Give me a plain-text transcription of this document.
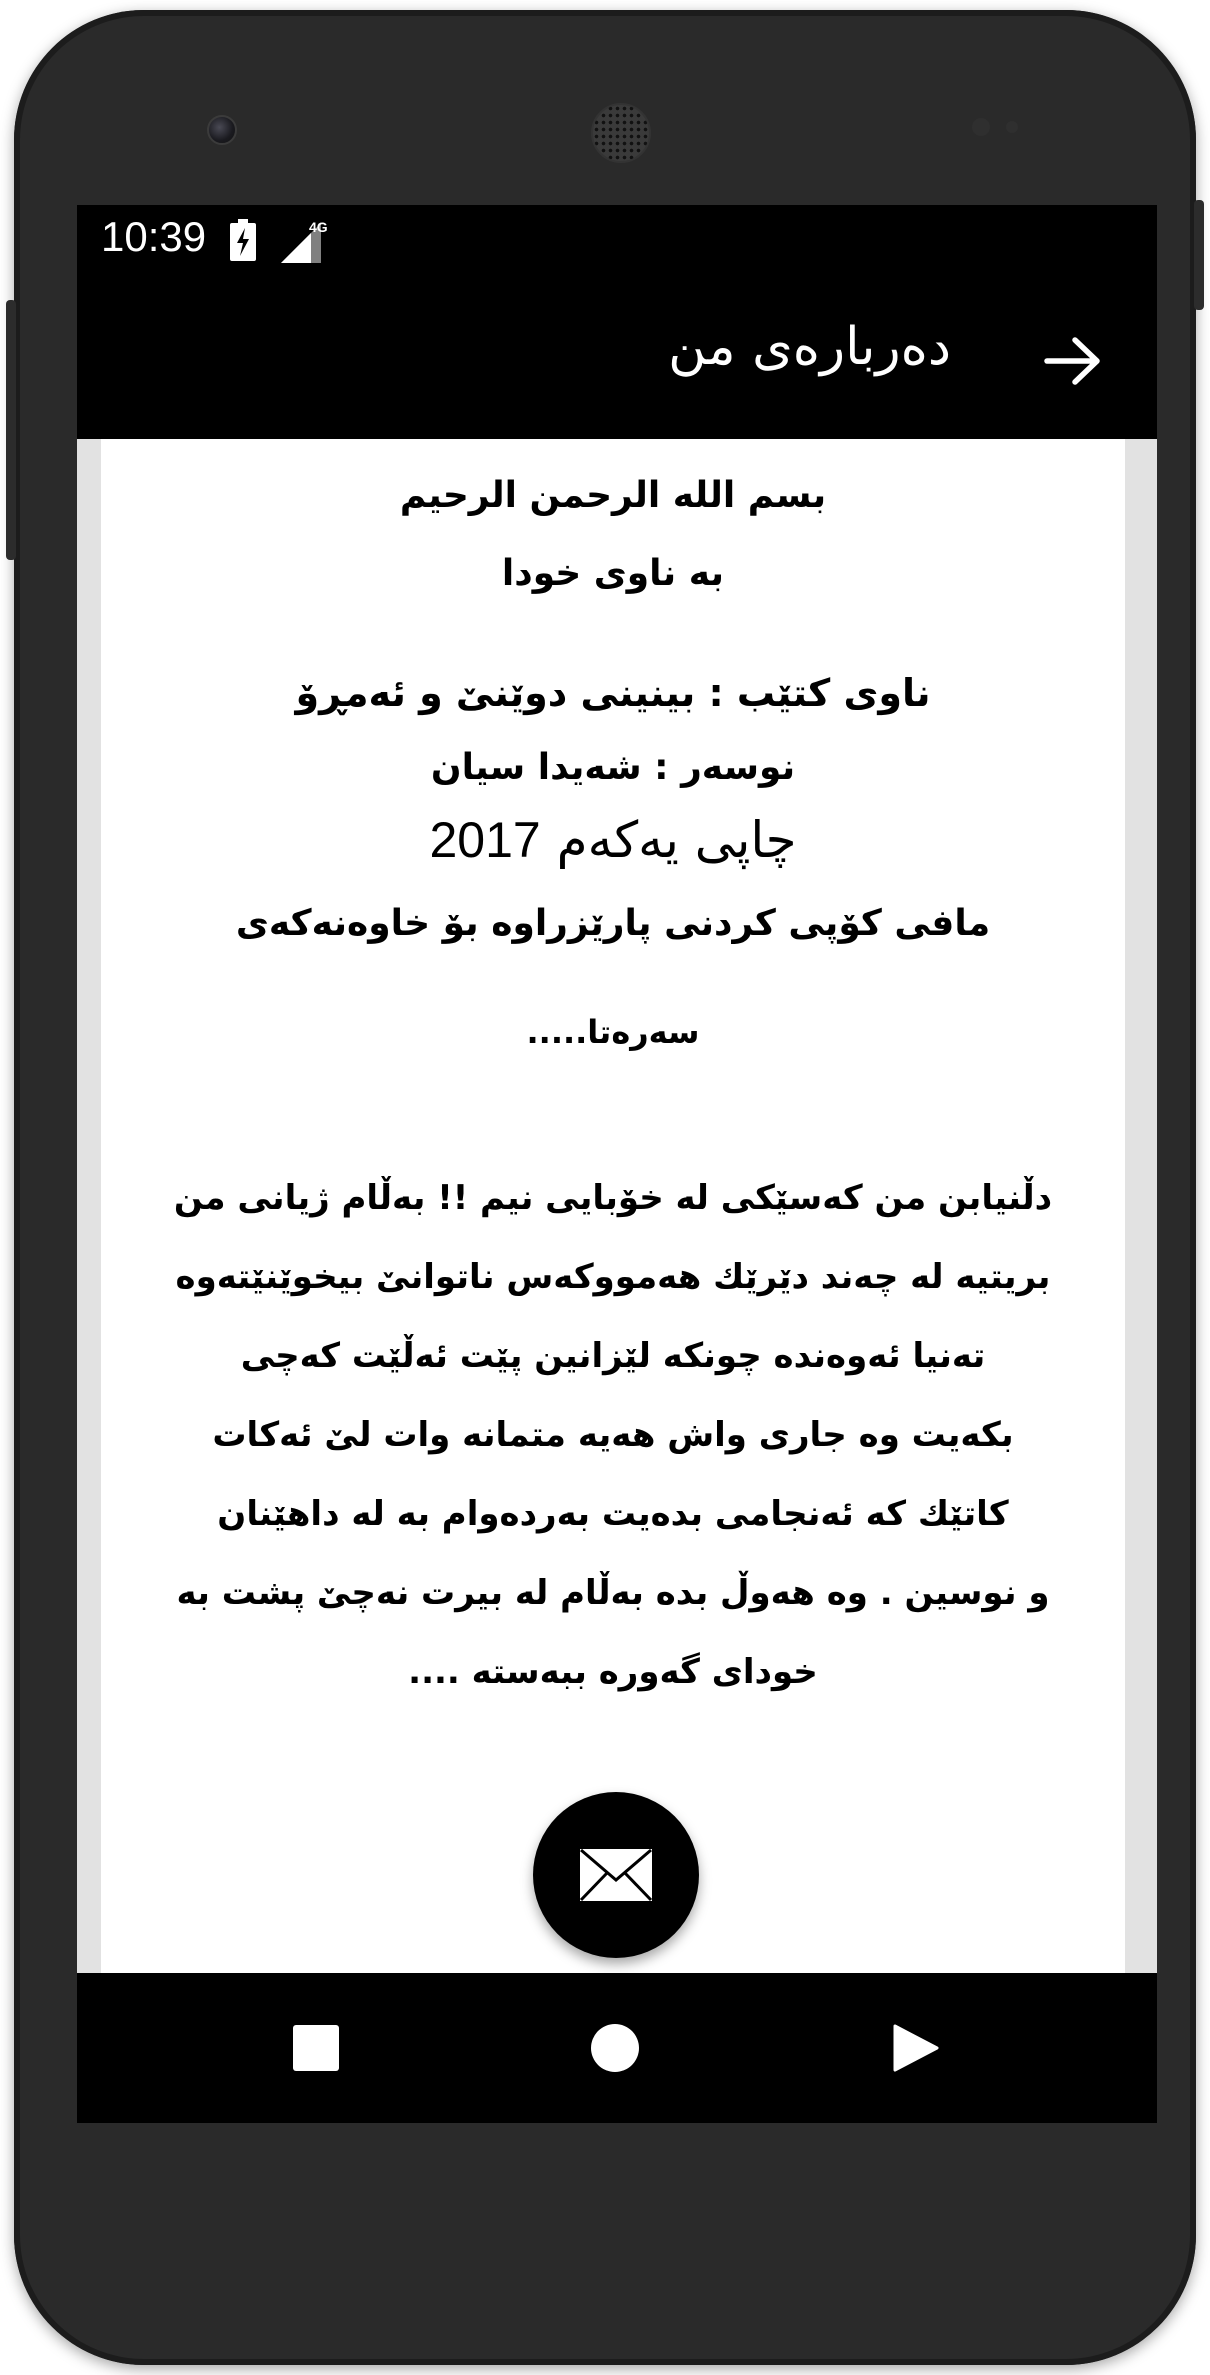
10:39	4G
دەربارەی من
بسم الله الرحمن الرحيم
بە ناوی خودا
ناوی کتێب : بینینی دوێنێ و ئەمڕۆ
نوسەر : شەیدا سیان
چاپی یەکەم 2017
مافی کۆپی کردنی پارێزراوە بۆ خاوەنەکەی
سەرەتا.....
دڵنیابن من کەسێکی لە خۆبایی نیم !! بەڵام ژیانی من
بریتیە لە چەند دێرێك هەمووکەس ناتوانێ بیخوێنێتەوە
تەنیا ئەوەندە چونکە لێزانین پێت ئەڵێت کەچی
بکەیت وە جاری واش هەیە متمانە وات لێ ئەکات
کاتێك کە ئەنجامی بدەیت بەردەوام بە لە داهێنان
و نوسین . وە هەوڵ بدە بەڵام لە بیرت نەچێ پشت بە
خودای گەورە ببەستە ....
